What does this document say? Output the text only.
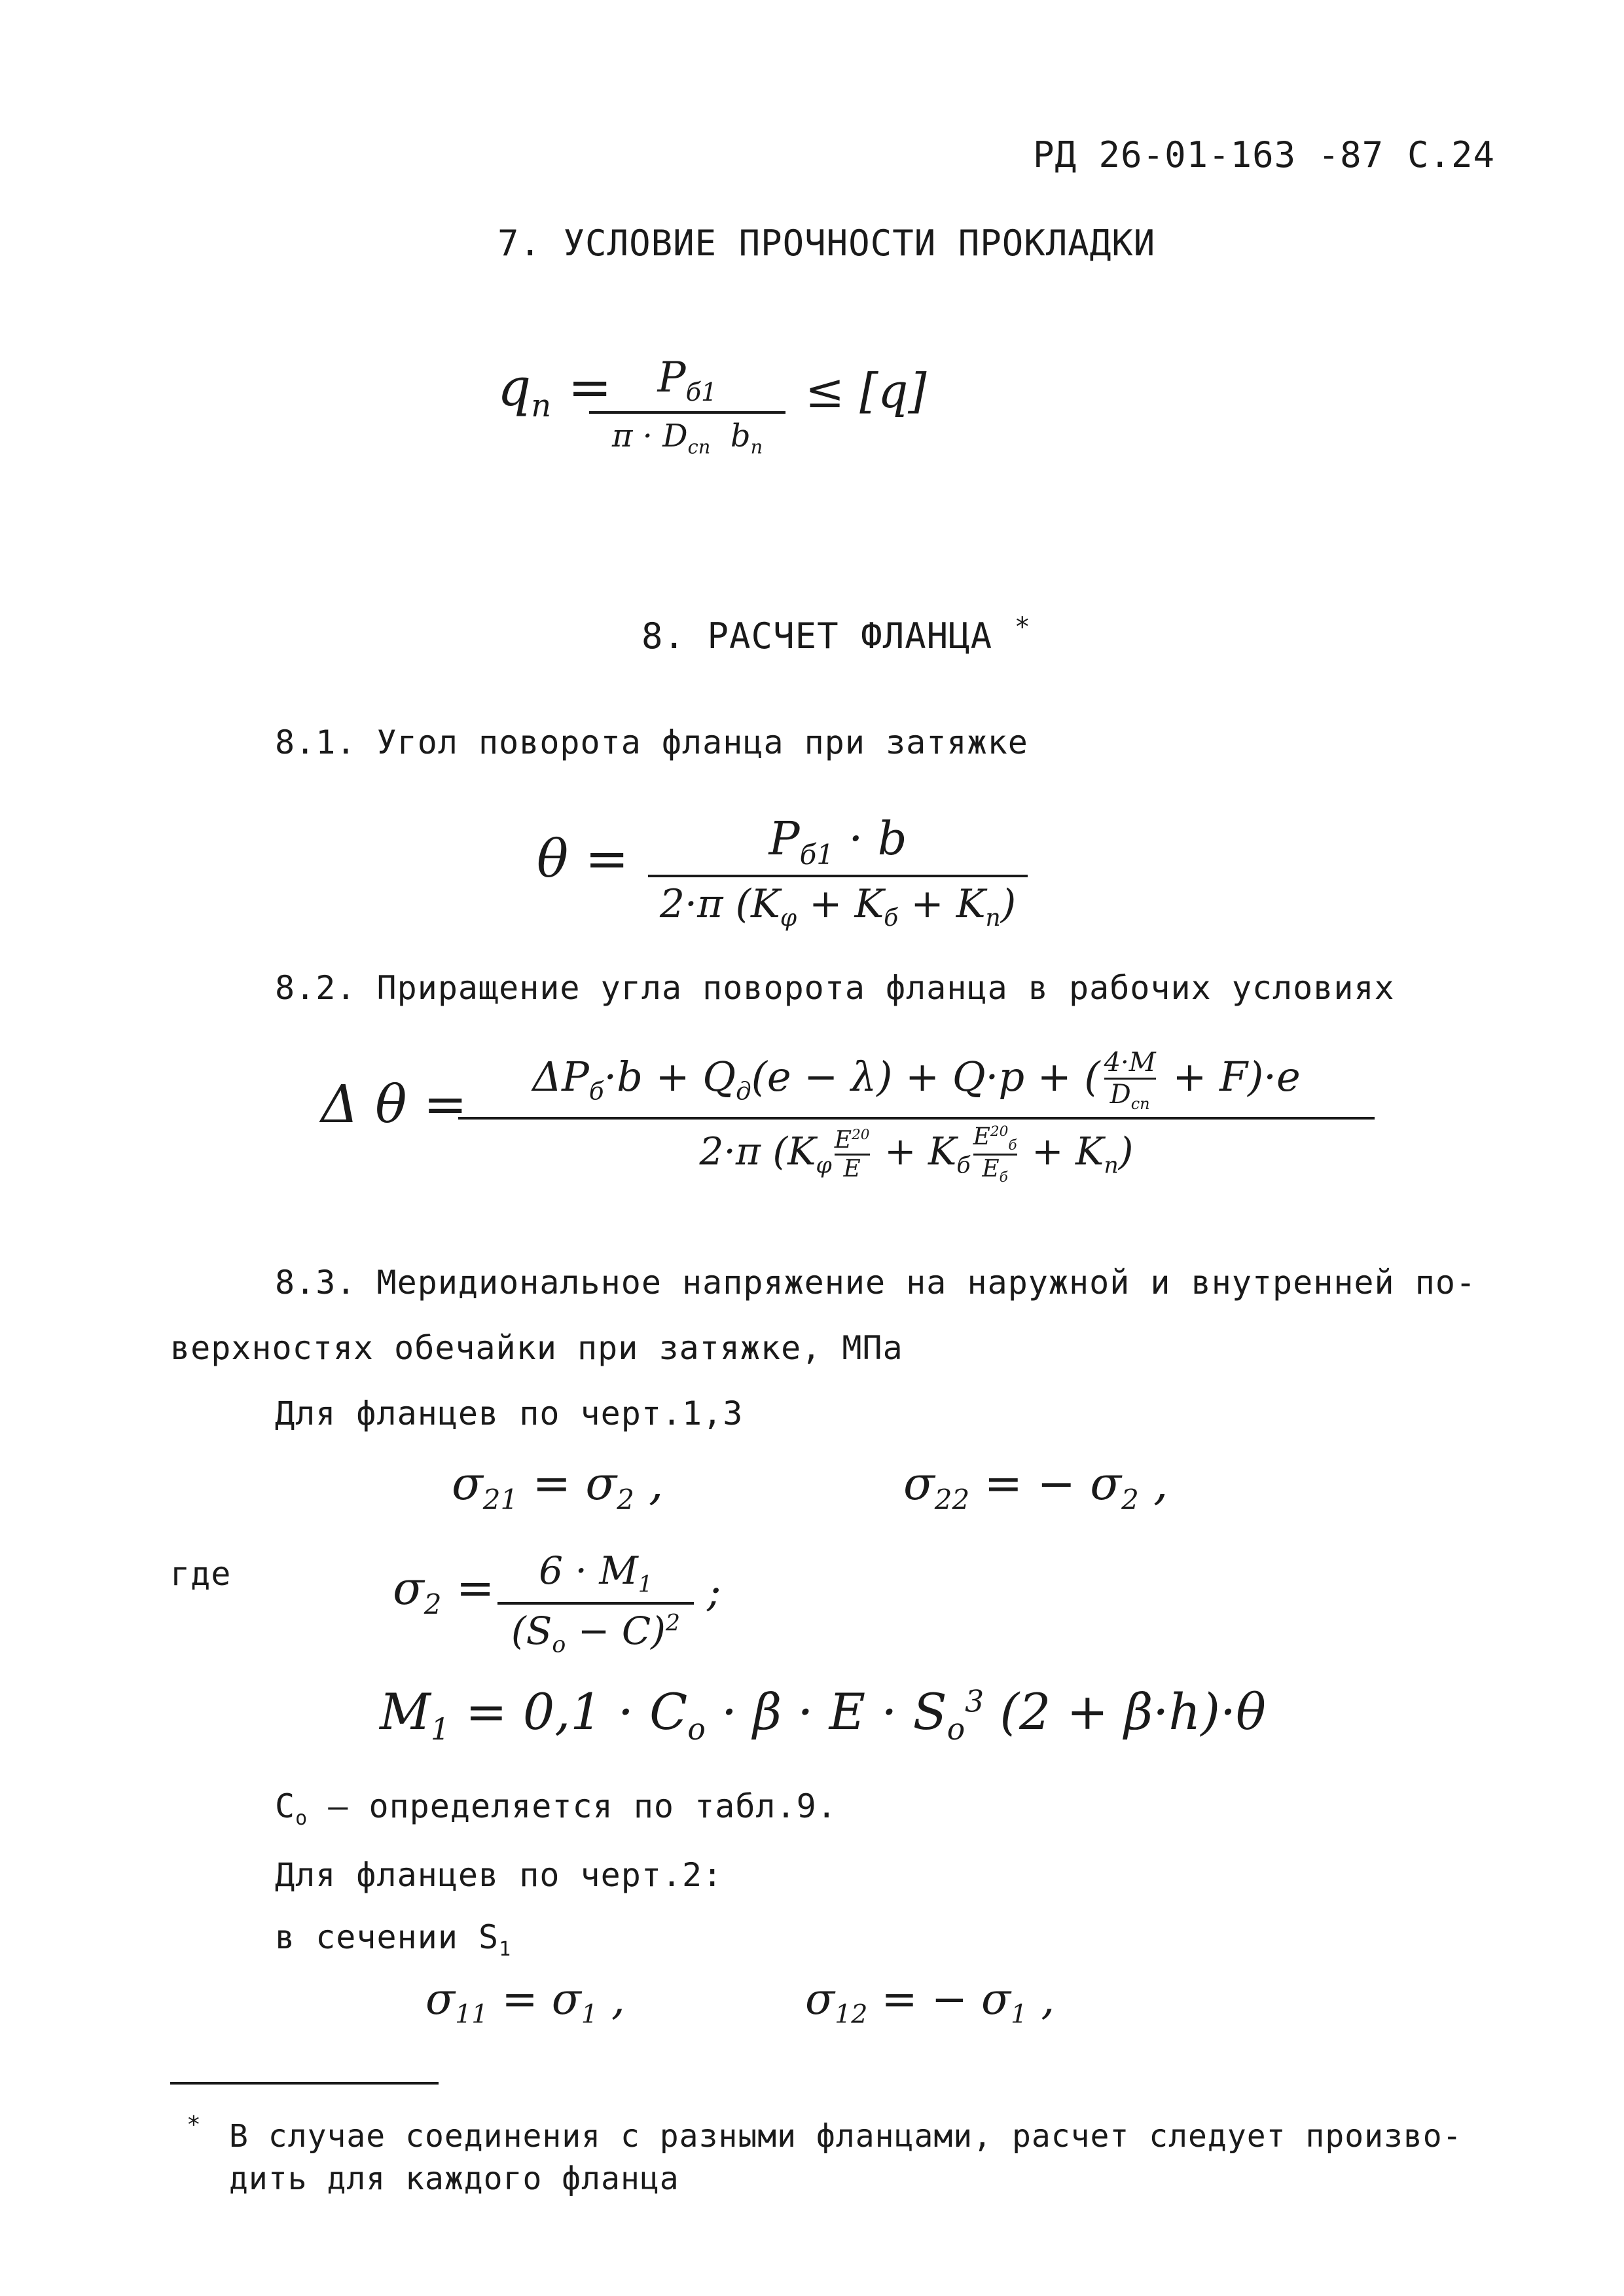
РД 26-01-163 -87 С.24
7. УСЛОВИЕ ПРОЧНОСТИ ПРОКЛАДКИ
$q_п = Р_{б1}$
$\pi \cdot D_{сп}$ $b_п$
≤ [q]
8. РАСЧЕТ ФЛАНЦА *
8.1. Угол поворота фланца при затяжке
θ =	$Р_{б1} \cdot b$
2·π $(K_\varphi + K_б + K_п)$
8.2. Приращение угла поворота фланца в рабочих условиях
Δ $\theta = \Delta Р_б\cdot b + Q_д(e - \lambda) + Q\cdot p$ + ( 4·M
$D_{сп}$
+ F)·e
2·π ($K_\varphi \frac{E^{20}}{E} + K_б$
$E^{20}_б$
$E_б$
+ $K_п$)
8.3. Меридиональное напряжение на наружной и внутренней по-
верхностях обечайки при затяжке, МПа
Для фланцев по черт.1,3
$\sigma_{21} = \sigma_2$ ,	$\sigma_{22}$ = − $\sigma_2$ ,
где	$\sigma_2 = 6 \cdot M_1$
$(S_о - C)^2$
;
$M_1 = 0,1 \cdot C_о \cdot \beta \cdot E \cdot S_о^3$ (2 + β·h)·θ
$С_о$ – определяется по табл.9.
Для фланцев по черт.2:
в сечении $S_1$
$\sigma_{11} = \sigma_1$ ,	$\sigma_{12}$ = − $\sigma_1$ ,
* В случае соединения с разными фланцами, расчет следует произво-
дить для каждого фланца
